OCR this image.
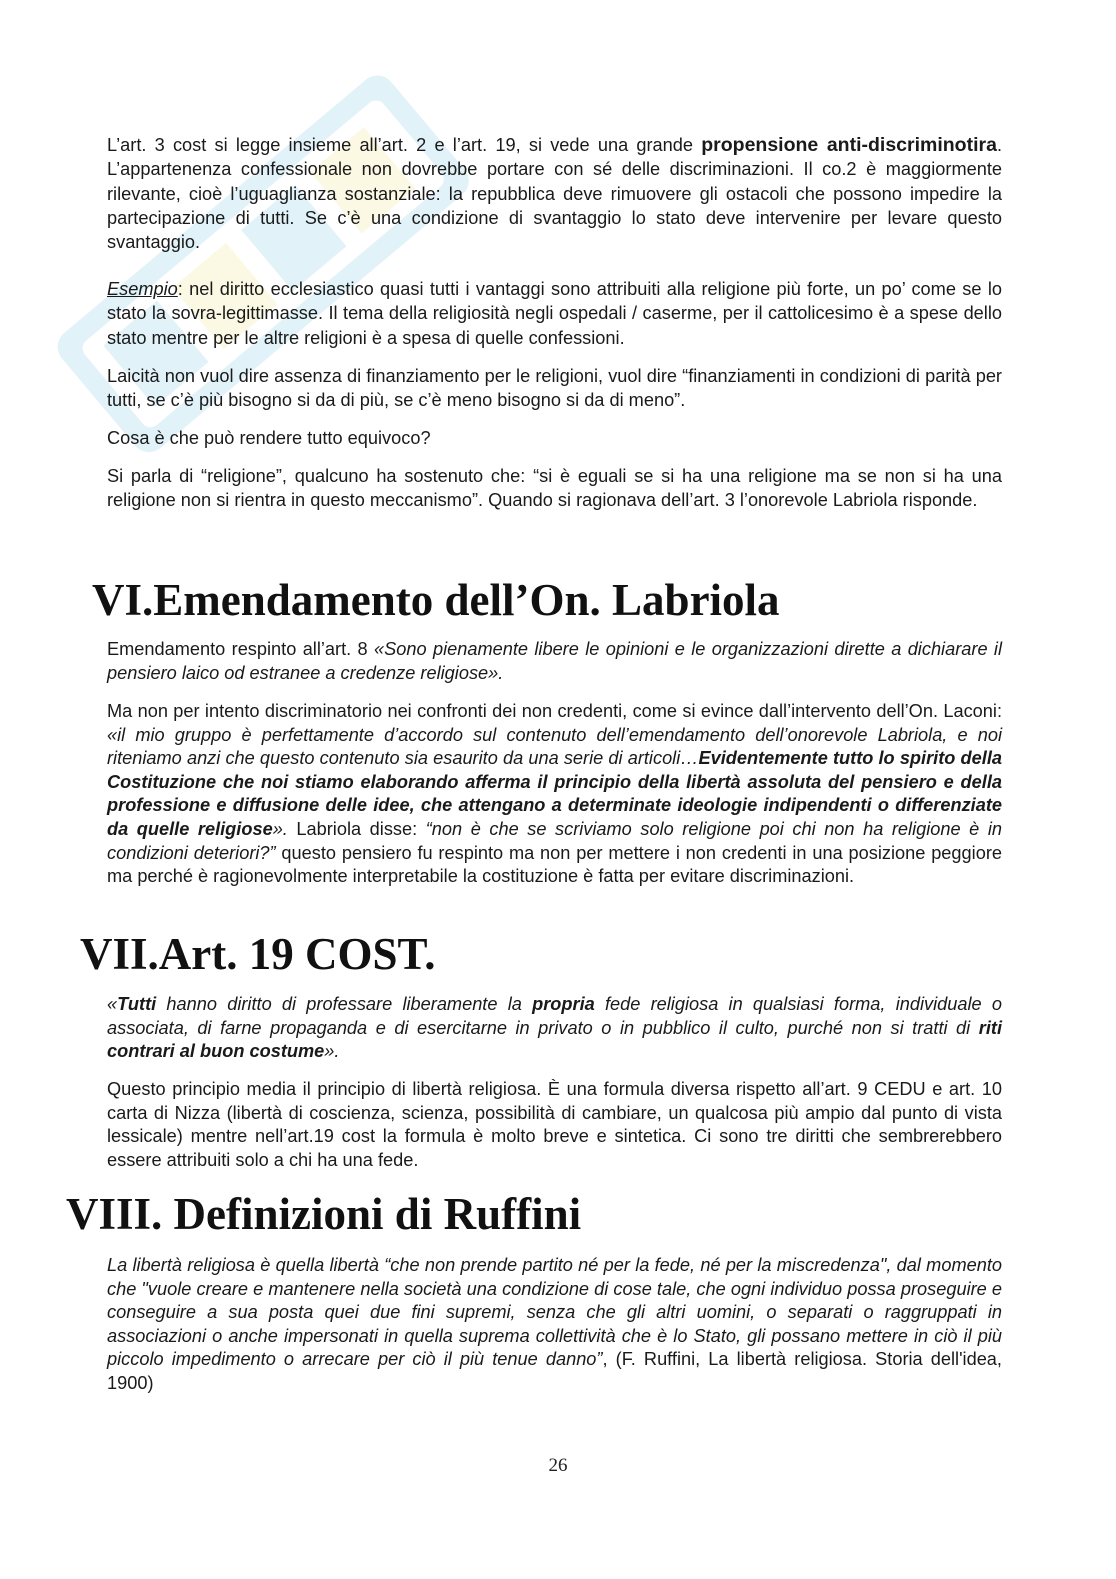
L’art. 3 cost si legge insieme all’art. 2 e l’art. 19, si vede una grande propensione anti-discriminotira. L’appartenenza confessionale non dovrebbe portare con sé delle discriminazioni. Il co.2 è maggiormente rilevante, cioè l’uguaglianza sostanziale: la repubblica deve rimuovere gli ostacoli che possono impedire la partecipazione di tutti. Se c’è una condizione di svantaggio lo stato deve intervenire per levare questo svantaggio.

Esempio: nel diritto ecclesiastico quasi tutti i vantaggi sono attribuiti alla religione più forte, un po’ come se lo stato la sovra-legittimasse. Il tema della religiosità negli ospedali / caserme, per il cattolicesimo è a spese dello stato mentre per le altre religioni è a spesa di quelle confessioni.

Laicità non vuol dire assenza di finanziamento per le religioni, vuol dire “finanziamenti in condizioni di parità per tutti, se c’è più bisogno si da di più, se c’è meno bisogno si da di meno”.

Cosa è che può rendere tutto equivoco?

Si parla di “religione”, qualcuno ha sostenuto che: “si è eguali se si ha una religione ma se non si ha una religione non si rientra in questo meccanismo”. Quando si ragionava dell’art. 3 l’onorevole Labriola risponde.

VI.Emendamento dell’On. Labriola

Emendamento respinto all’art. 8 «Sono pienamente libere le opinioni e le organizzazioni dirette a dichiarare il pensiero laico od estranee a credenze religiose».

Ma non per intento discriminatorio nei confronti dei non credenti, come si evince dall’intervento dell’On. Laconi: «il mio gruppo è perfettamente d’accordo sul contenuto dell’emendamento dell’onorevole Labriola, e noi riteniamo anzi che questo contenuto sia esaurito da una serie di articoli…Evidentemente tutto lo spirito della Costituzione che noi stiamo elaborando afferma il principio della libertà assoluta del pensiero e della professione e diffusione delle idee, che attengano a determinate ideologie indipendenti o differenziate da quelle religiose». Labriola disse: “non è che se scriviamo solo religione poi chi non ha religione è in condizioni deteriori?” questo pensiero fu respinto ma non per mettere i non credenti in una posizione peggiore ma perché è ragionevolmente interpretabile la costituzione è fatta per evitare discriminazioni.

VII.Art. 19 COST.

«Tutti hanno diritto di professare liberamente la propria fede religiosa in qualsiasi forma, individuale o associata, di farne propaganda e di esercitarne in privato o in pubblico il culto, purché non si tratti di riti contrari al buon costume».

Questo principio media il principio di libertà religiosa. È una formula diversa rispetto all’art. 9 CEDU e art. 10 carta di Nizza (libertà di coscienza, scienza, possibilità di cambiare, un qualcosa più ampio dal punto di vista lessicale) mentre nell’art.19 cost la formula è molto breve e sintetica. Ci sono tre diritti che sembrerebbero essere attribuiti solo a chi ha una fede.

VIII. Definizioni di Ruffini

La libertà religiosa è quella libertà “che non prende partito né per la fede, né per la miscredenza", dal momento che "vuole creare e mantenere nella società una condizione di cose tale, che ogni individuo possa proseguire e conseguire a sua posta quei due fini supremi, senza che gli altri uomini, o separati o raggruppati in associazioni o anche impersonati in quella suprema collettività che è lo Stato, gli possano mettere in ciò il più piccolo impedimento o arrecare per ciò il più tenue danno”, (F. Ruffini, La libertà religiosa. Storia dell'idea, 1900)

26
